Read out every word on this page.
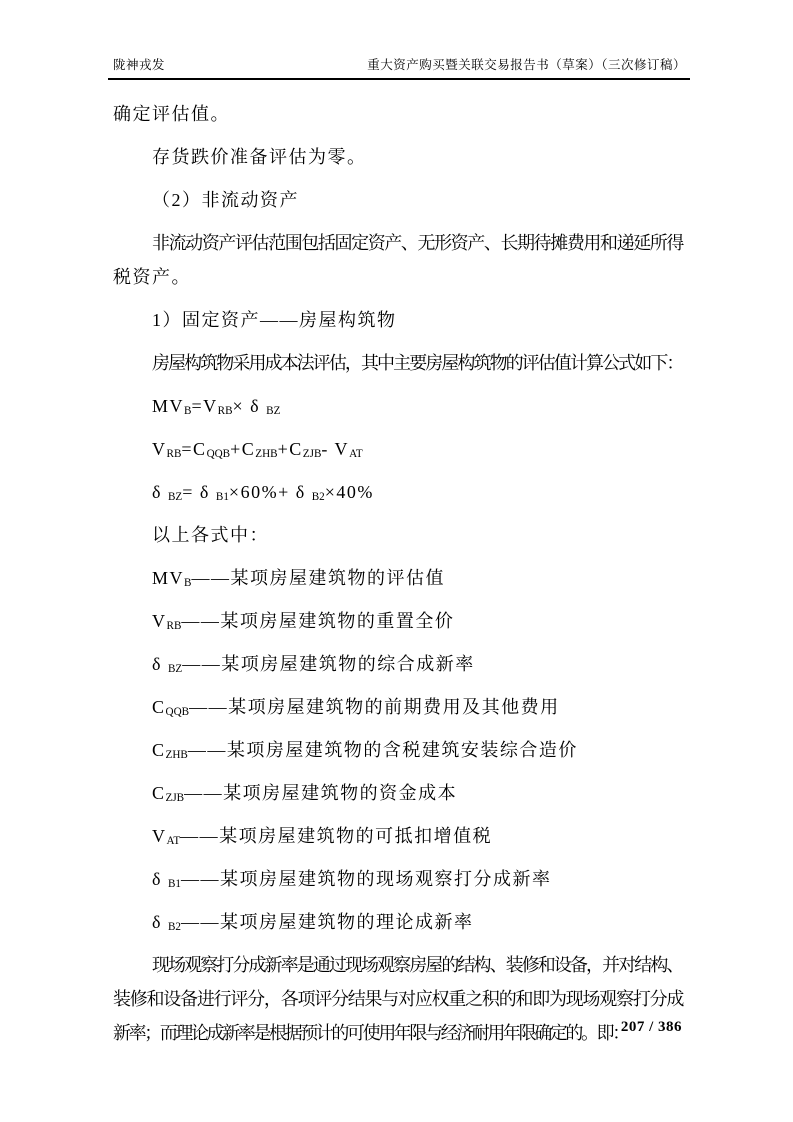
陇神戎发	重大资产购买暨关联交易报告书（草案）（三次修订稿）
确定评估值。
存货跌价准备评估为零。
（2）非流动资产
非流动资产评估范围包括固定资产、无形资产、长期待摊费用和递延所得
税资产。
1）固定资产——房屋构筑物
房屋构筑物采用成本法评估，其中主要房屋构筑物的评估值计算公式如下：
$MV_B=V_{RB}\times \delta$ $_{BZ}$
$V_{RB}=C_{QQB}+C_{ZHB}+C_{ZJB}-$ $V_{AT}$
δ $_{BZ}$= δ $_{B1}$×60%+ δ $_{B2}$×40%
以上各式中：
$MV_B——$某项房屋建筑物的评估值
$V_{RB}——$某项房屋建筑物的重置全价
δ $_{BZ}$——某项房屋建筑物的综合成新率
$C_{QQB}——$某项房屋建筑物的前期费用及其他费用
$C_{ZHB}——$某项房屋建筑物的含税建筑安装综合造价
$C_{ZJB}——$某项房屋建筑物的资金成本
$V_{AT}——$某项房屋建筑物的可抵扣增值税
δ $_{B1}$——某项房屋建筑物的现场观察打分成新率
δ $_{B2}$——某项房屋建筑物的理论成新率
现场观察打分成新率是通过现场观察房屋的结构、装修和设备，并对结构、
装修和设备进行评分，各项评分结果与对应权重之积的和即为现场观察打分成
新率；而理论成新率是根据预计的可使用年限与经济耐用年限确定的。即：
207 / 386
